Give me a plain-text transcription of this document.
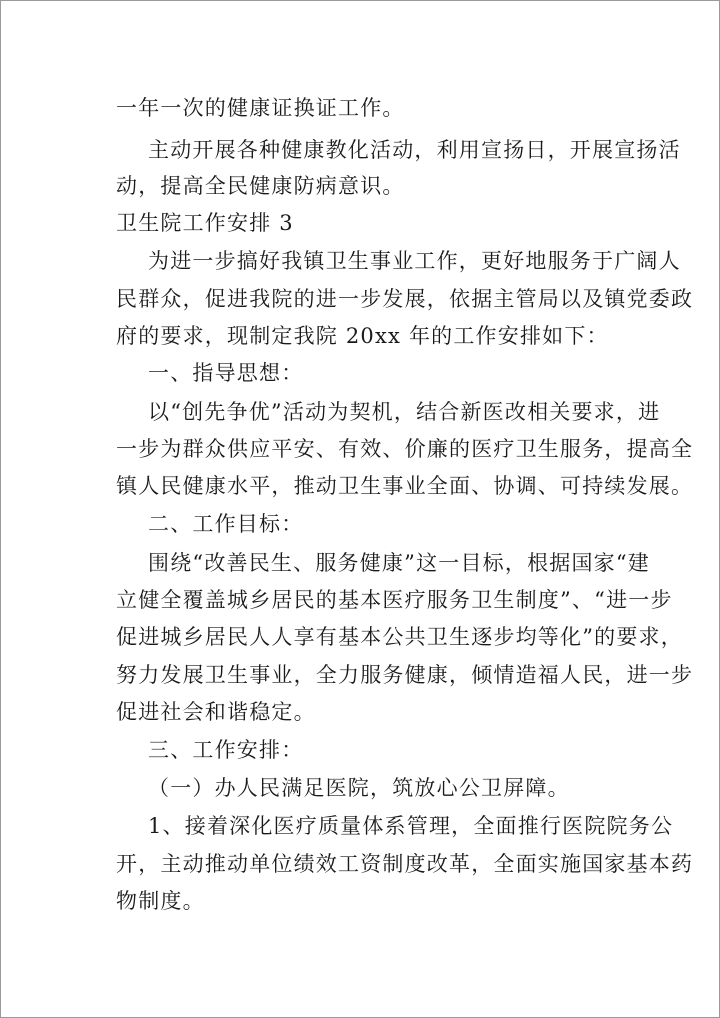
一年一次的健康证换证工作。
主动开展各种健康教化活动，利用宣扬日，开展宣扬活
动，提高全民健康防病意识。
卫生院工作安排 3
为进一步搞好我镇卫生事业工作，更好地服务于广阔人
民群众，促进我院的进一步发展，依据主管局以及镇党委政
府的要求，现制定我院 20xx 年的工作安排如下：
一、指导思想：
以“创先争优”活动为契机，结合新医改相关要求，进
一步为群众供应平安、有效、价廉的医疗卫生服务，提高全
镇人民健康水平，推动卫生事业全面、协调、可持续发展。
二、工作目标：
围绕“改善民生、服务健康”这一目标，根据国家“建
立健全覆盖城乡居民的基本医疗服务卫生制度”、“进一步
促进城乡居民人人享有基本公共卫生逐步均等化”的要求，
努力发展卫生事业，全力服务健康，倾情造福人民，进一步
促进社会和谐稳定。
三、工作安排：
（一）办人民满足医院，筑放心公卫屏障。
1、接着深化医疗质量体系管理，全面推行医院院务公
开，主动推动单位绩效工资制度改革，全面实施国家基本药
物制度。
